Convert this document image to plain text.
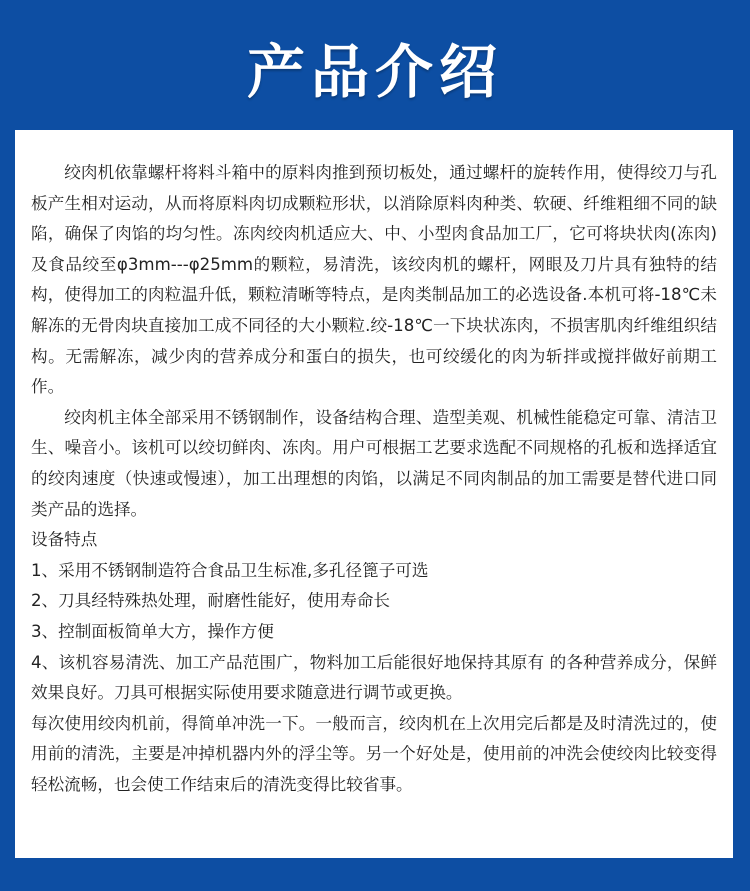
产品介绍

绞肉机依靠螺杆将料斗箱中的原料肉推到预切板处，通过螺杆的旋转作用，使得绞刀与孔板产生相对运动，从而将原料肉切成颗粒形状，以消除原料肉种类、软硬、纤维粗细不同的缺陷，确保了肉馅的均匀性。冻肉绞肉机适应大、中、小型肉食品加工厂，它可将块状肉(冻肉)及食品绞至φ3mm---φ25mm的颗粒，易清洗，该绞肉机的螺杆，网眼及刀片具有独特的结构，使得加工的肉粒温升低，颗粒清晰等特点，是肉类制品加工的必选设备.本机可将-18℃未解冻的无骨肉块直接加工成不同径的大小颗粒.绞-18℃一下块状冻肉，不损害肌肉纤维组织结构。无需解冻，减少肉的营养成分和蛋白的损失，也可绞缓化的肉为斩拌或搅拌做好前期工作。

绞肉机主体全部采用不锈钢制作，设备结构合理、造型美观、机械性能稳定可靠、清洁卫生、噪音小。该机可以绞切鲜肉、冻肉。用户可根据工艺要求选配不同规格的孔板和选择适宜的绞肉速度（快速或慢速），加工出理想的肉馅，以满足不同肉制品的加工需要是替代进口同类产品的选择。

设备特点

1、采用不锈钢制造符合食品卫生标准,多孔径篦子可选

2、刀具经特殊热处理，耐磨性能好，使用寿命长

3、控制面板简单大方，操作方便

4、该机容易清洗、加工产品范围广，物料加工后能很好地保持其原有 的各种营养成分，保鲜效果良好。刀具可根据实际使用要求随意进行调节或更换。

每次使用绞肉机前，得简单冲洗一下。一般而言，绞肉机在上次用完后都是及时清洗过的，使用前的清洗，主要是冲掉机器内外的浮尘等。另一个好处是，使用前的冲洗会使绞肉比较变得轻松流畅，也会使工作结束后的清洗变得比较省事。
